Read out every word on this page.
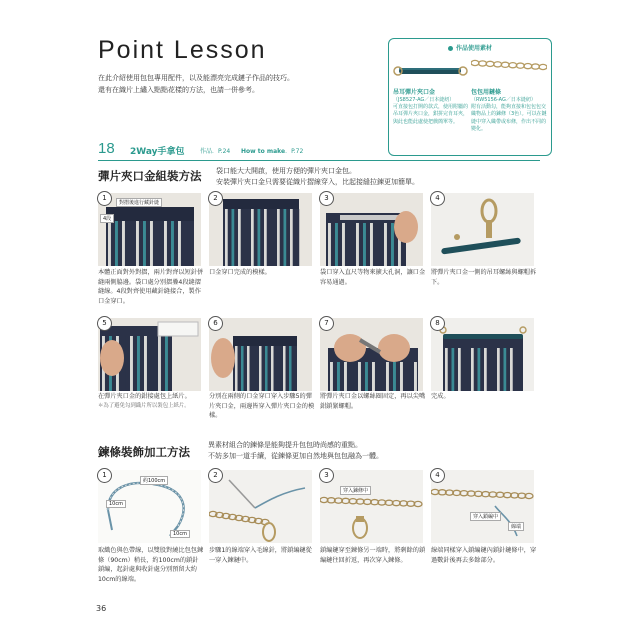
Point Lesson
在此介紹使用包包專用配件，以及能漂亮完成鏈子作品的技巧。
還有在織片上繡入點點花樣的方法，也請一併參考。
作品使用素材
吊耳彈片夾口金
（JS8527-AG／日本縫紉）
可直接包打開的款式，使用附屬的吊耳彈片夾口金，鉗拼完肯耳夾，與此也能此處使把戲簡單等。
包包用鏈條
（RW5156-AG／日本縫紉）
附有活動勾，能夠直接和包包包交織物品上的鍊條（3色）。可以在鏈縫中穿入織帶或布條，作出不同的變化。
18 2Way手拿包	作品．P.24 How to make．P.72
彈片夾口金組裝方法 袋口能大大開啟，使用方便的彈片夾口金包。
安裝彈片夾口金只需要從織片摺線穿入，比起接縫拉鍊更加簡單。
對摺後進行藏針縫
4段
1	2	3	4
本體正面對外對摺，兩片對齊以短針併縫兩側脇邊。袋口處分別摺疊4段縫摺縫線。4段對齊使用藏針縫接合，製作口金穿口。
口金穿口完成的模樣。	袋口穿入直尺等物來擴大孔洞，讓口金容易通過。
將彈片夾口金一側的吊耳螺絲與螺帽拆下。
5	6	7	8
在彈片夾口金的鉗接處包上紙片。
＊為了避免勾到織片所以裝包上紙片。
分別在兩側的口金穿口穿入步驟5的彈片夾口金，兩邊皆穿入彈片夾口金的模樣。
將彈片夾口金以螺絲圈固定，再以尖嘴鉗鎖緊螺帽。
完成。
鍊條裝飾加工方法	異素材組合的鍊條是能夠提升包包時尚感的重點。
不妨多加一道手續，從鍊條更加自然地與包包融為一體。
約100cm
10cm
10cm
1	2
穿入鍊條中
3
穿入鎖編中
線端
4
取織色與色帶線，以雙股對繞比包包鍊條（90cm）稍長，約100cm的鎖針鎖編，起針處與收針處分別預留大約10cm的線端。
步驟1的線端穿入毛線針，將鎖編鏈從一穿入鍊鏈中。
鎖編鏈穿至鍊條另一端時，將剩餘的鎖編鏈往回折返，再次穿入鍊條。
線端同樣穿入鎖編鏈內鎖針鏈條中，穿過數針後再去多餘部分。
36
